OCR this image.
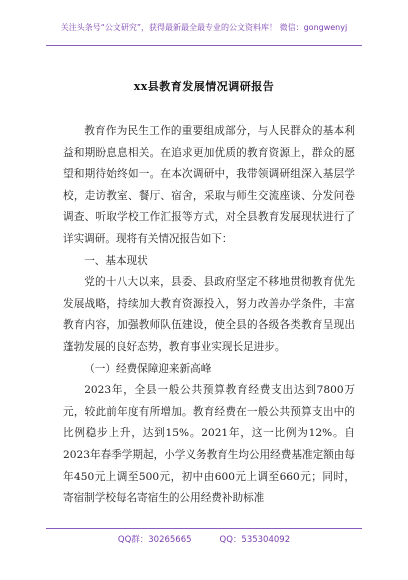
关注头条号“公文研究”，获得最新最全最专业的公文资料库！ 微信：gongwenyj
xx县教育发展情况调研报告

教育作为民生工作的重要组成部分，与人民群众的基本利益和期盼息息相关。在追求更加优质的教育资源上，群众的愿望和期待始终如一。在本次调研中，我带领调研组深入基层学校，走访教室、餐厅、宿舍，采取与师生交流座谈、分发问卷调查、听取学校工作汇报等方式，对全县教育发展现状进行了详实调研。现将有关情况报告如下：

一、基本现状

党的十八大以来，县委、县政府坚定不移地贯彻教育优先发展战略，持续加大教育资源投入，努力改善办学条件，丰富教育内容，加强教师队伍建设，使全县的各级各类教育呈现出蓬勃发展的良好态势，教育事业实现长足进步。

（一）经费保障迎来新高峰

2023年，全县一般公共预算教育经费支出达到7800万元，较此前年度有所增加。教育经费在一般公共预算支出中的比例稳步上升，达到15%。2021年，这一比例为12%。自2023年春季学期起，小学义务教育生均公用经费基准定额由每年450元上调至500元，初中由600元上调至660元；同时，寄宿制学校每名寄宿生的公用经费补助标准

QQ群：30265665	QQ：535304092
